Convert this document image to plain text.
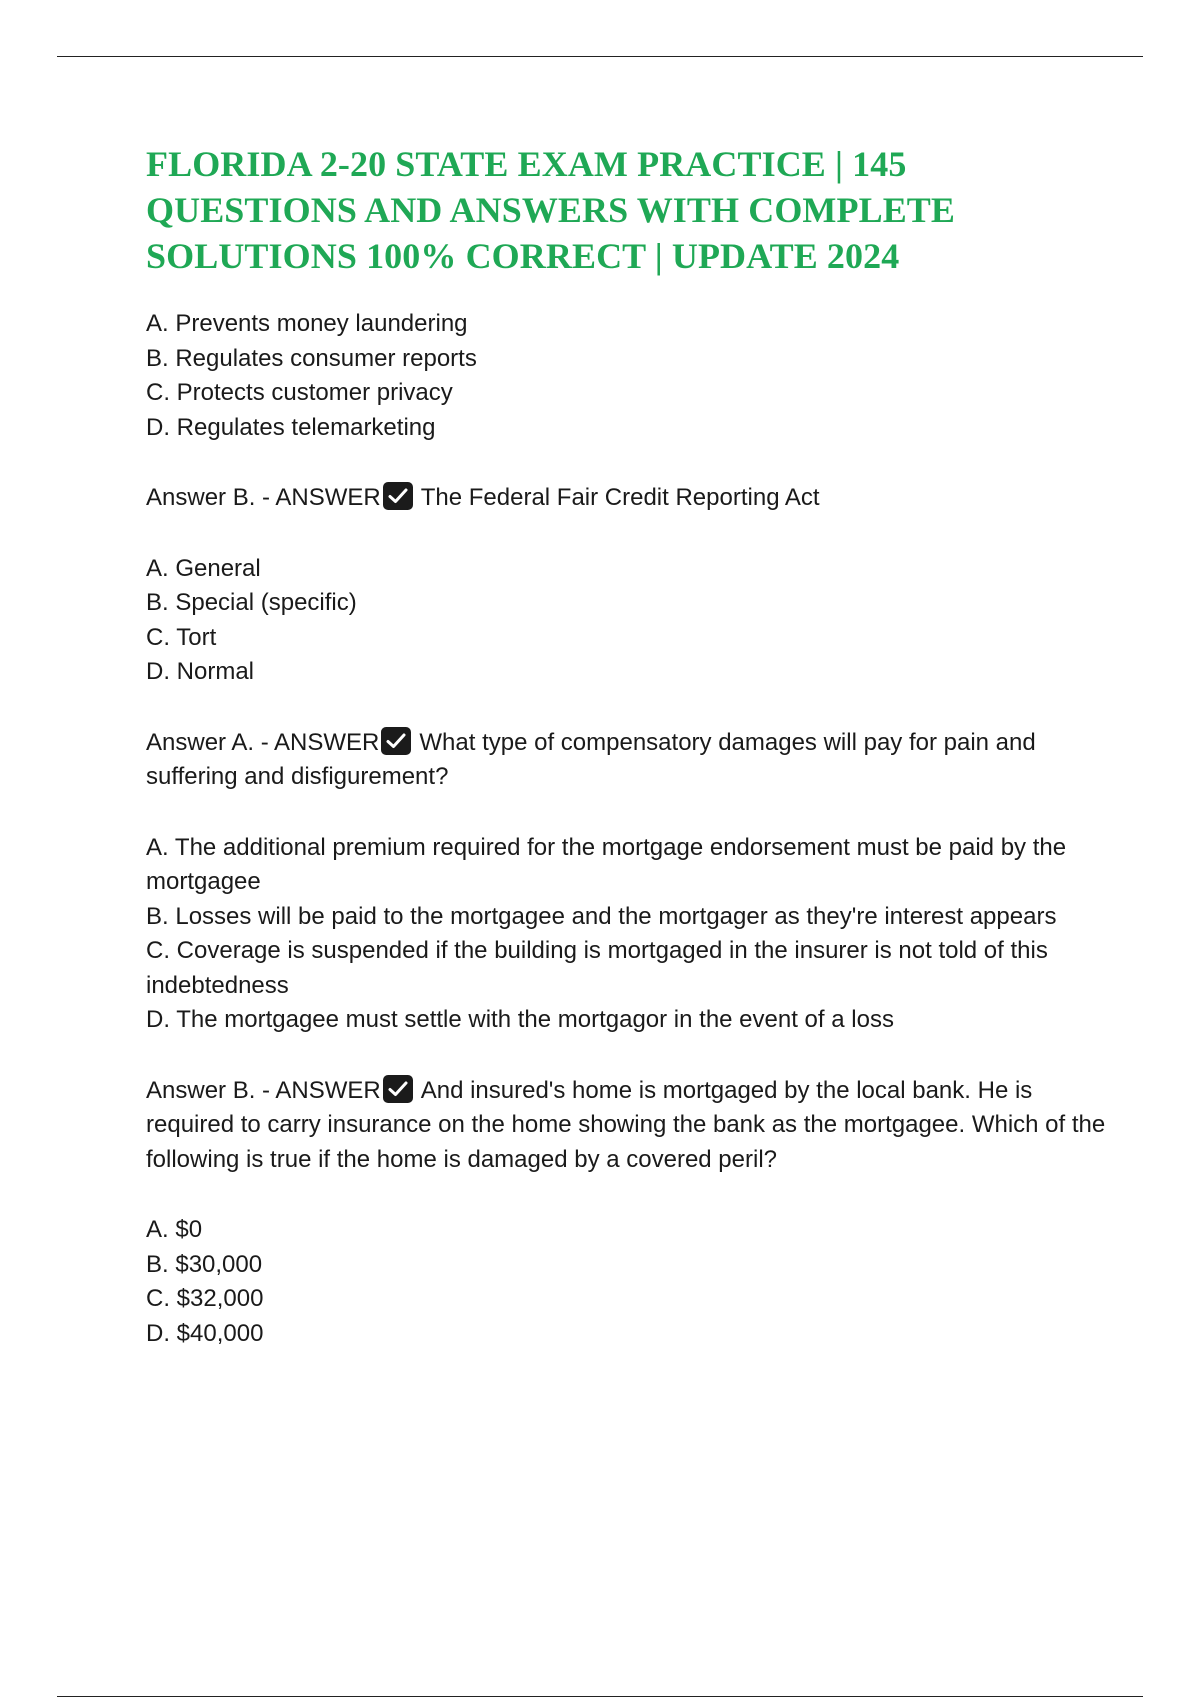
FLORIDA 2-20 STATE EXAM PRACTICE | 145 QUESTIONS AND ANSWERS WITH COMPLETE SOLUTIONS 100% CORRECT | UPDATE 2024
A. Prevents money laundering
B. Regulates consumer reports
C. Protects customer privacy
D. Regulates telemarketing

Answer B. - ANSWER The Federal Fair Credit Reporting Act

A. General
B. Special (specific)
C. Tort
D. Normal

Answer A. - ANSWER What type of compensatory damages will pay for pain and suffering and disfigurement?

A. The additional premium required for the mortgage endorsement must be paid by the mortgagee
B. Losses will be paid to the mortgagee and the mortgager as they're interest appears
C. Coverage is suspended if the building is mortgaged in the insurer is not told of this indebtedness
D. The mortgagee must settle with the mortgagor in the event of a loss

Answer B. - ANSWER And insured's home is mortgaged by the local bank. He is required to carry insurance on the home showing the bank as the mortgagee. Which of the following is true if the home is damaged by a covered peril?

A. $0
B. $30,000
C. $32,000
D. $40,000
